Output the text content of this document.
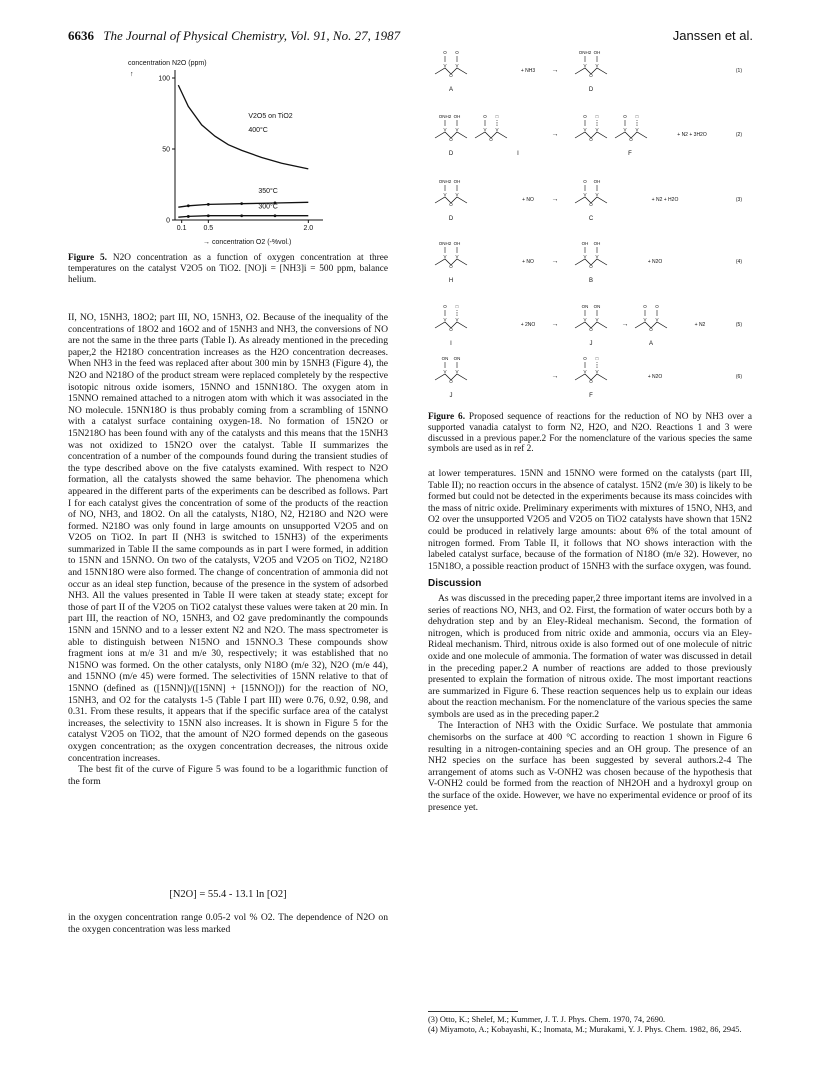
6636 The Journal of Physical Chemistry, Vol. 91, No. 27, 1987	Janssen et al.
concentration N2O (ppm)
↑
0
50
100
0.1 0.5	2.0
→ concentration O2 (-%vol.)
V2O5 on TiO2
400°C
350°C
300°C
Figure 5. N2O concentration as a function of oxygen concentration at three temperatures on the catalyst V2O5 on TiO2. [NO]i = [NH3]i = 500 ppm, balance helium.

II, NO, 15NH3, 18O2; part III, NO, 15NH3, O2. Because of the inequality of the concentrations of 18O2 and 16O2 and of 15NH3 and NH3, the conversions of NO are not the same in the three parts (Table I). As already mentioned in the preceding paper,2 the H218O concentration increases as the H2O concentration decreases. When NH3 in the feed was replaced after about 300 min by 15NH3 (Figure 4), the N2O and N218O of the product stream were replaced completely by the respective isotopic nitrous oxide isomers, 15NNO and 15NN18O. The oxygen atom in 15NNO remained attached to a nitrogen atom with which it was associated in the NO molecule. 15NN18O is thus probably coming from a scrambling of 15NNO with a catalyst surface containing oxygen-18. No formation of 15N2O or 15N218O has been found with any of the catalysts and this means that the 15NH3 was not oxidized to 15N2O over the catalyst. Table II summarizes the concentration of a number of the compounds found during the transient studies of the type described above on the five catalysts examined. With respect to N2O formation, all the catalysts showed the same behavior. The phenomena which appeared in the different parts of the experiments can be described as follows. Part I for each catalyst gives the concentration of some of the products of the reaction of NO, NH3, and 18O2. On all the catalysts, N18O, N2, H218O and N2O were formed. N218O was only found in large amounts on unsupported V2O5 and on V2O5 on TiO2. In part II (NH3 is switched to 15NH3) of the experiments summarized in Table II the same compounds as in part I were formed, in addition to 15NN and 15NNO. On two of the catalysts, V2O5 and V2O5 on TiO2, N218O and 15NN18O were also formed. The change of concentration of ammonia did not occur as an ideal step function, because of the presence in the system of adsorbed NH3. All the values presented in Table II were taken at steady state; except for those of part II of the V2O5 on TiO2 catalyst these values were taken at 20 min. In part III, the reaction of NO, 15NH3, and O2 gave predominantly the compounds 15NN and 15NNO and to a lesser extent N2 and N2O. The mass spectrometer is able to distinguish between N15NO and 15NNO.3 These compounds show fragment ions at m/e 31 and m/e 30, respectively; it was established that no N15NO was formed. On the other catalysts, only N18O (m/e 32), N2O (m/e 44), and 15NNO (m/e 45) were formed. The selectivities of 15NN relative to that of 15NNO (defined as ([15NN])/([15NN] + [15NNO])) for the reaction of NO, 15NH3, and O2 for the catalysts 1-5 (Table I part III) were 0.76, 0.92, 0.98, and 0.31. From these results, it appears that if the specific surface area of the catalyst increases, the selectivity to 15NN also increases. It is shown in Figure 5 for the catalyst V2O5 on TiO2, that the amount of N2O formed depends on the gaseous oxygen concentration; as the oxygen concentration decreases, the nitrous oxide concentration increases.

The best fit of the curve of Figure 5 was found to be a logarithmic function of the form

[N2O] = 55.4 - 13.1 ln [O2]

in the oxygen concentration range 0.05-2 vol % O2. The dependence of N2O on the oxygen concentration was less marked

V
O
V
O O
A
+ NH3 →
V
O
V
ONH2 OH
D
(1)
V
O
V
ONH2 OH
V
O
V
O □
D	I
→
V
O
V
O □
V
O
V
O □
F
+ N2 + 3H2O	(2)
V
O
V
ONH2 OH
D
+ NO	→
V
O
V
O OH
C
+ N2 + H2O	(3)
V
O
V
ONH2 OH
H
+ NO	→
V
O
V
OH OH
B
+ N2O	(4)
V
O
V
O □
I
+ 2NO →
V
O
V
ON ON
J
→
V
O
V
O O
A
+ N2	(5)
V
O
V
ON ON
J
→
V
O
V
O □
F
+ N2O	(6)
Figure 6. Proposed sequence of reactions for the reduction of NO by NH3 over a supported vanadia catalyst to form N2, H2O, and N2O. Reactions 1 and 3 were discussed in a previous paper.2 For the nomenclature of the various species the same symbols are used as in ref 2.

at lower temperatures. 15NN and 15NNO were formed on the catalysts (part III, Table II); no reaction occurs in the absence of catalyst. 15N2 (m/e 30) is likely to be formed but could not be detected in the experiments because its mass coincides with the mass of nitric oxide. Preliminary experiments with mixtures of 15NO, NH3, and O2 over the unsupported V2O5 and V2O5 on TiO2 catalysts have shown that 15N2 could be produced in relatively large amounts: about 6% of the total amount of nitrogen formed. From Table II, it follows that NO shows interaction with the labeled catalyst surface, because of the formation of N18O (m/e 32). However, no 15N18O, a possible reaction product of 15NH3 with the surface oxygen, was found.

Discussion

As was discussed in the preceding paper,2 three important items are involved in a series of reactions NO, NH3, and O2. First, the formation of water occurs both by a dehydration step and by an Eley-Rideal mechanism. Second, the formation of nitrogen, which is produced from nitric oxide and ammonia, occurs via an Eley-Rideal mechanism. Third, nitrous oxide is also formed out of one molecule of nitric oxide and one molecule of ammonia. The formation of water was discussed in detail in the preceding paper.2 A number of reactions are added to those previously presented to explain the formation of nitrous oxide. The most important reactions are summarized in Figure 6. These reaction sequences help us to explain our ideas about the reaction mechanism. For the nomenclature of the various species the same symbols are used as in the preceding paper.2

The Interaction of NH3 with the Oxidic Surface. We postulate that ammonia chemisorbs on the surface at 400 °C according to reaction 1 shown in Figure 6 resulting in a nitrogen-containing species and an OH group. The presence of an NH2 species on the surface has been suggested by several authors.2-4 The arrangement of atoms such as V-ONH2 was chosen because of the hypothesis that V-ONH2 could be formed from the reaction of NH2OH and a hydroxyl group on the surface of the oxide. However, we have no experimental evidence or proof of its presence yet.

(3) Otto, K.; Shelef, M.; Kummer, J. T. J. Phys. Chem. 1970, 74, 2690.
(4) Miyamoto, A.; Kobayashi, K.; Inomata, M.; Murakami, Y. J. Phys. Chem. 1982, 86, 2945.
